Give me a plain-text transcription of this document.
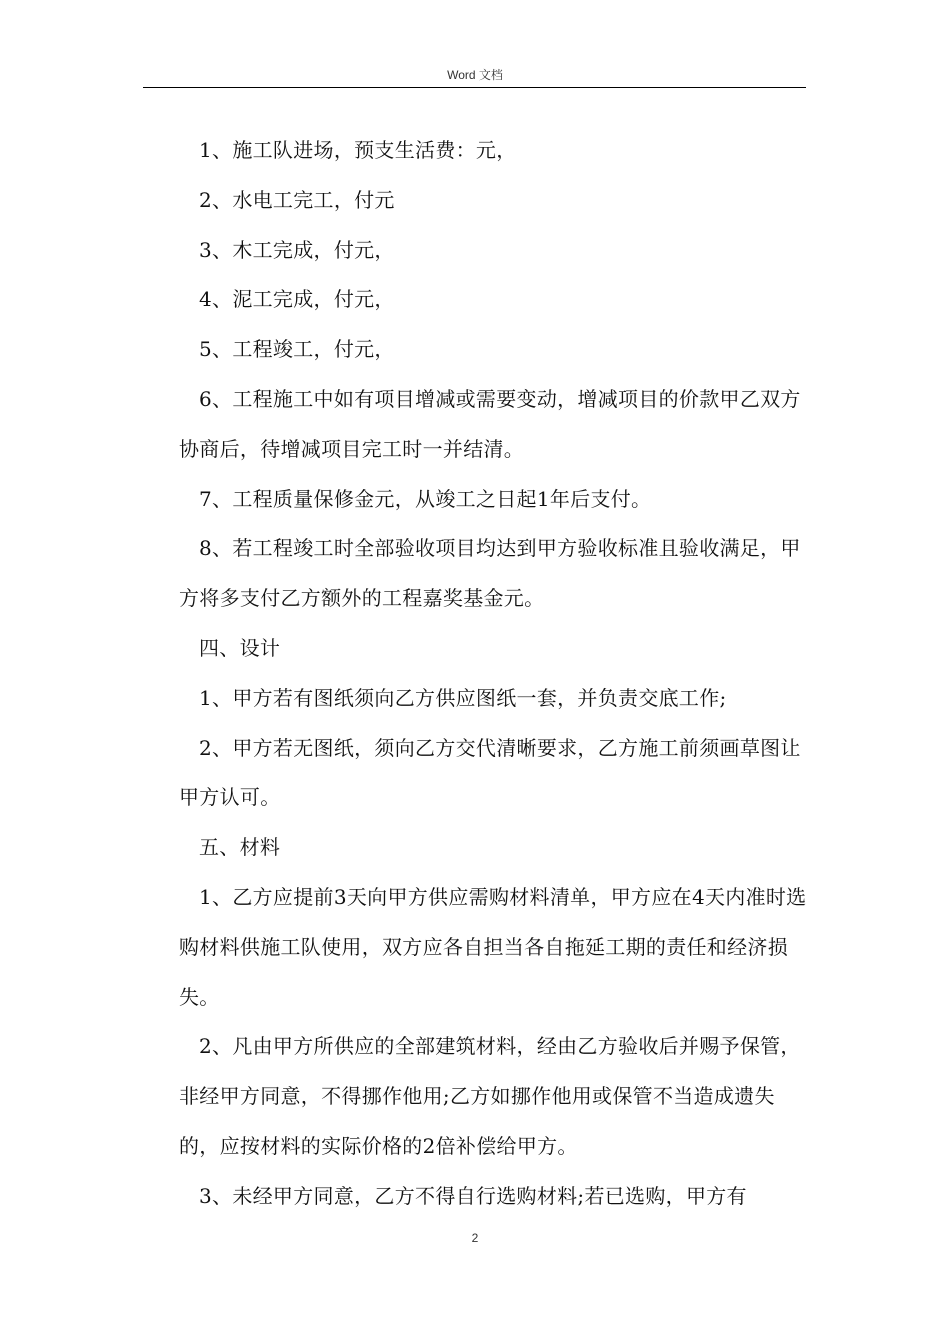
Word 文档

1、施工队进场，预支生活费：元，

2、水电工完工，付元

3、木工完成，付元，

4、泥工完成，付元，

5、工程竣工，付元，

6、工程施工中如有项目增减或需要变动，增减项目的价款甲乙双方协商后，待增减项目完工时一并结清。

7、工程质量保修金元，从竣工之日起1年后支付。

8、若工程竣工时全部验收项目均达到甲方验收标准且验收满足，甲方将多支付乙方额外的工程嘉奖基金元。

四、设计

1、甲方若有图纸须向乙方供应图纸一套，并负责交底工作;

2、甲方若无图纸，须向乙方交代清晰要求，乙方施工前须画草图让甲方认可。

五、材料

1、乙方应提前3天向甲方供应需购材料清单，甲方应在4天内准时选购材料供施工队使用，双方应各自担当各自拖延工期的责任和经济损失。

2、凡由甲方所供应的全部建筑材料，经由乙方验收后并赐予保管，非经甲方同意，不得挪作他用;乙方如挪作他用或保管不当造成遗失的，应按材料的实际价格的2倍补偿给甲方。

3、未经甲方同意，乙方不得自行选购材料;若已选购，甲方有

2
